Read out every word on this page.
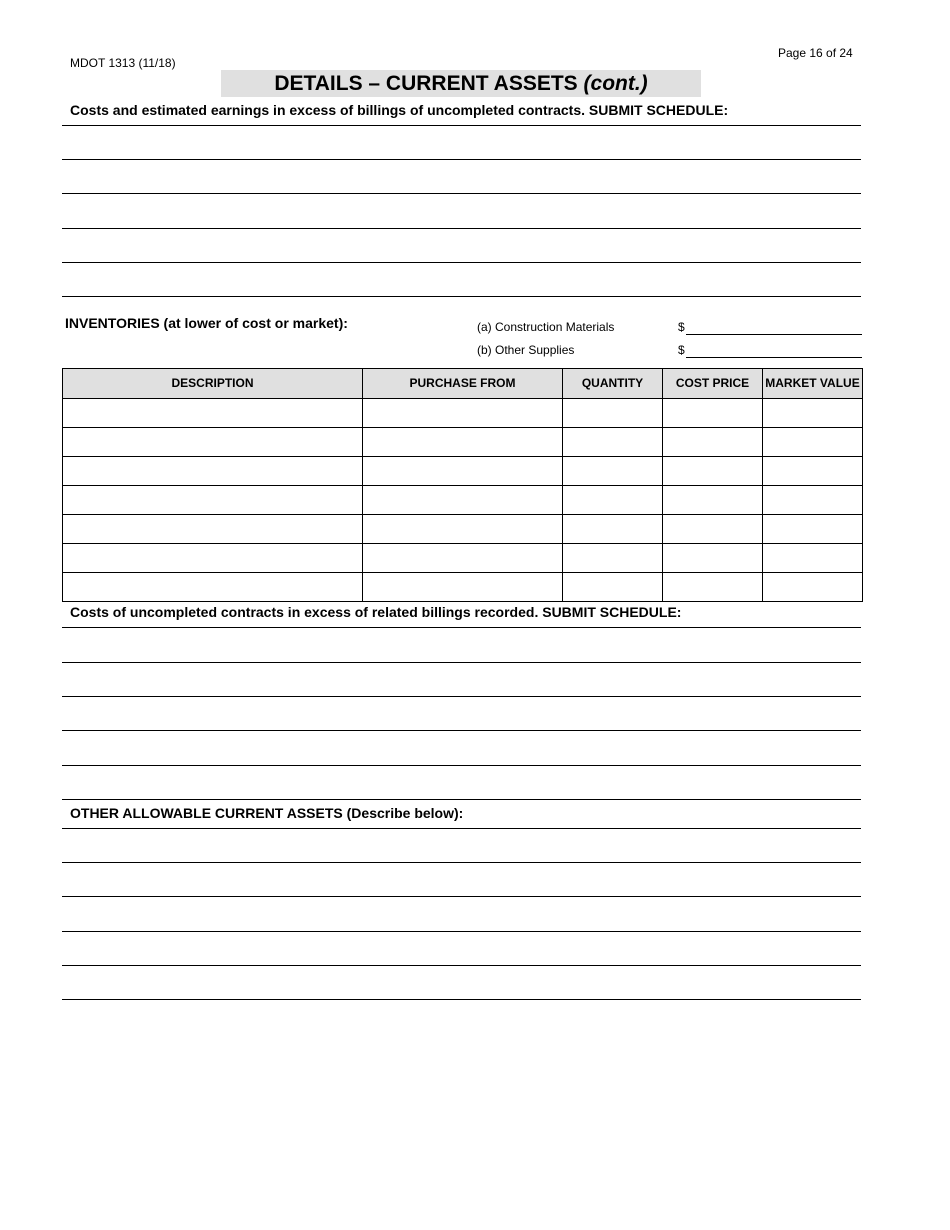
MDOT 1313 (11/18)
Page 16 of 24
DETAILS – CURRENT ASSETS (cont.)
Costs and estimated earnings in excess of billings of uncompleted contracts. SUBMIT SCHEDULE:
INVENTORIES (at lower of cost or market):	(a) Construction Materials	$
(b) Other Supplies	$
DESCRIPTION	PURCHASE FROM	QUANTITY	COST PRICE	MARKET VALUE

Costs of uncompleted contracts in excess of related billings recorded. SUBMIT SCHEDULE:
OTHER ALLOWABLE CURRENT ASSETS (Describe below):
